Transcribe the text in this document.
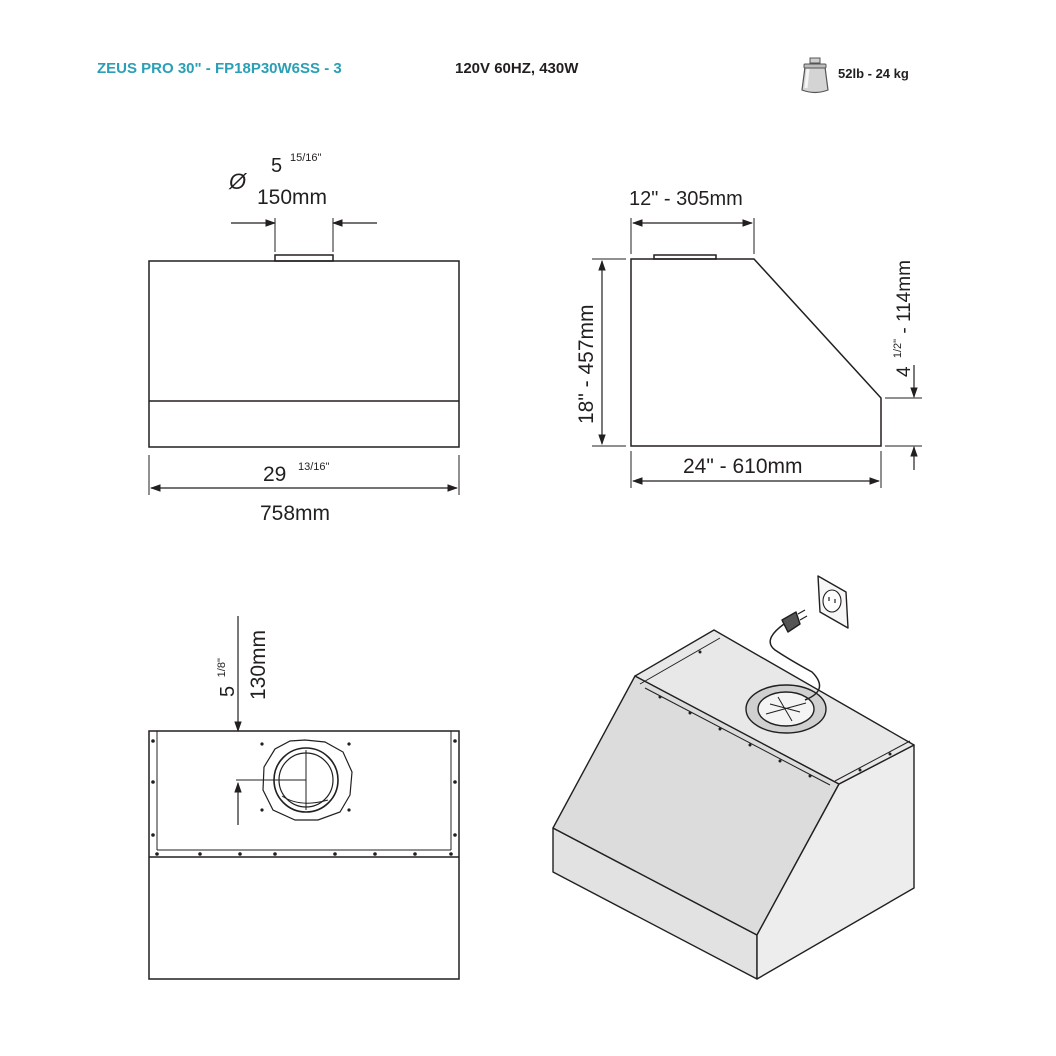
ZEUS PRO 30" - FP18P30W6SS - 3	120V 60HZ, 430W	52lb - 24 kg
Ø
5 15/16"
150mm
29 13/16"
758mm
12" - 305mm
18" - 457mm
24" - 610mm
4 $^{1/2"}$ - 114mm
5 $^{1/8"}$ 130mm
